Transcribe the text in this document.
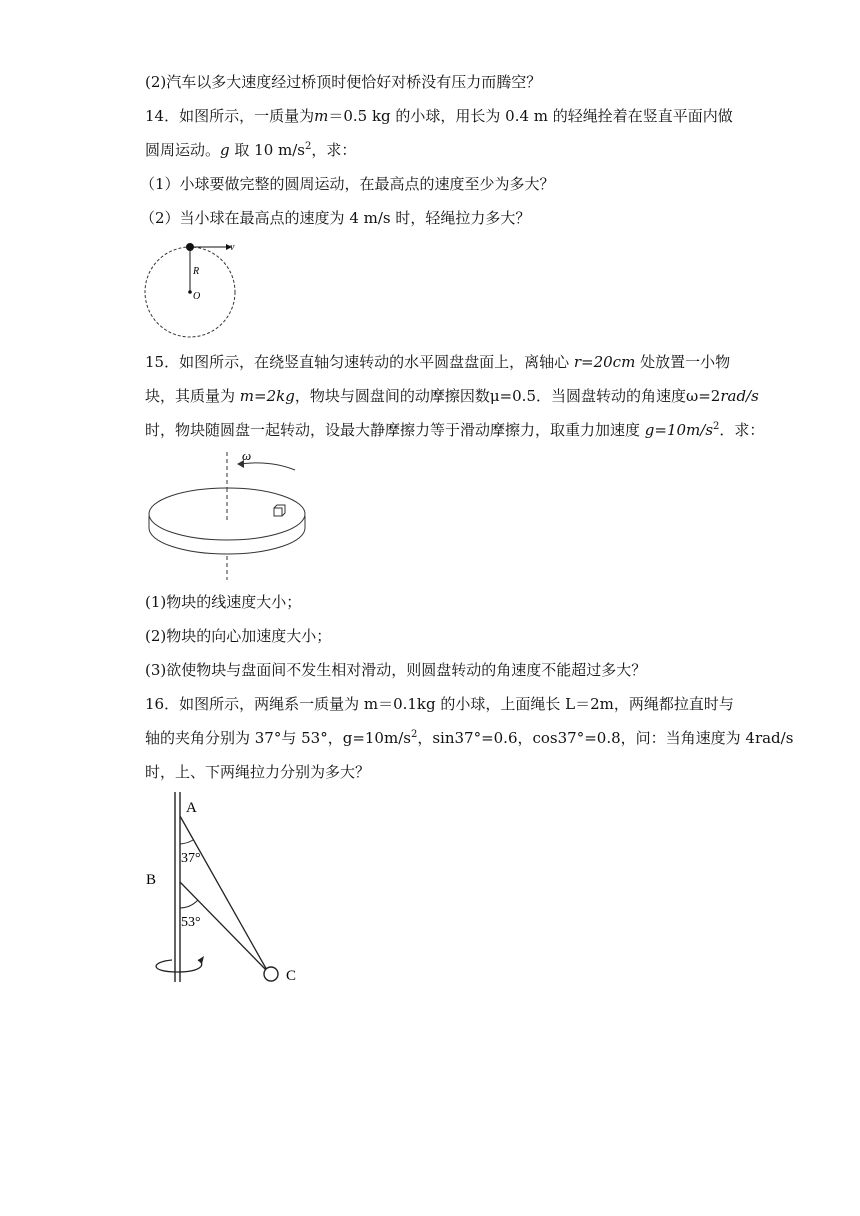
(2)汽车以多大速度经过桥顶时便恰好对桥没有压力而腾空？
14．如图所示，一质量为m＝0.5 kg 的小球，用长为 0.4 m 的轻绳拴着在竖直平面内做
圆周运动。g 取 10 $m/s^2$，求：
（1）小球要做完整的圆周运动，在最高点的速度至少为多大？
（2）当小球在最高点的速度为 4 m/s 时，轻绳拉力多大？
v
R
O
15．如图所示，在绕竖直轴匀速转动的水平圆盘盘面上，离轴心 r=20cm 处放置一小物
块，其质量为 m=2kg，物块与圆盘间的动摩擦因数μ=0.5．当圆盘转动的角速度ω=2rad/s
时，物块随圆盘一起转动，设最大静摩擦力等于滑动摩擦力，取重力加速度 $g=10m/s^2$．求：
ω
(1)物块的线速度大小；
(2)物块的向心加速度大小；
(3)欲使物块与盘面间不发生相对滑动，则圆盘转动的角速度不能超过多大？
16．如图所示，两绳系一质量为 m＝0.1kg 的小球，上面绳长 L＝2m，两绳都拉直时与
轴的夹角分别为 37°与 53°，$g=10m/s^2$，sin37°=0.6，cos37°=0.8，问：当角速度为 4rad/s
时，上、下两绳拉力分别为多大？
A
B
C
37°
53°
